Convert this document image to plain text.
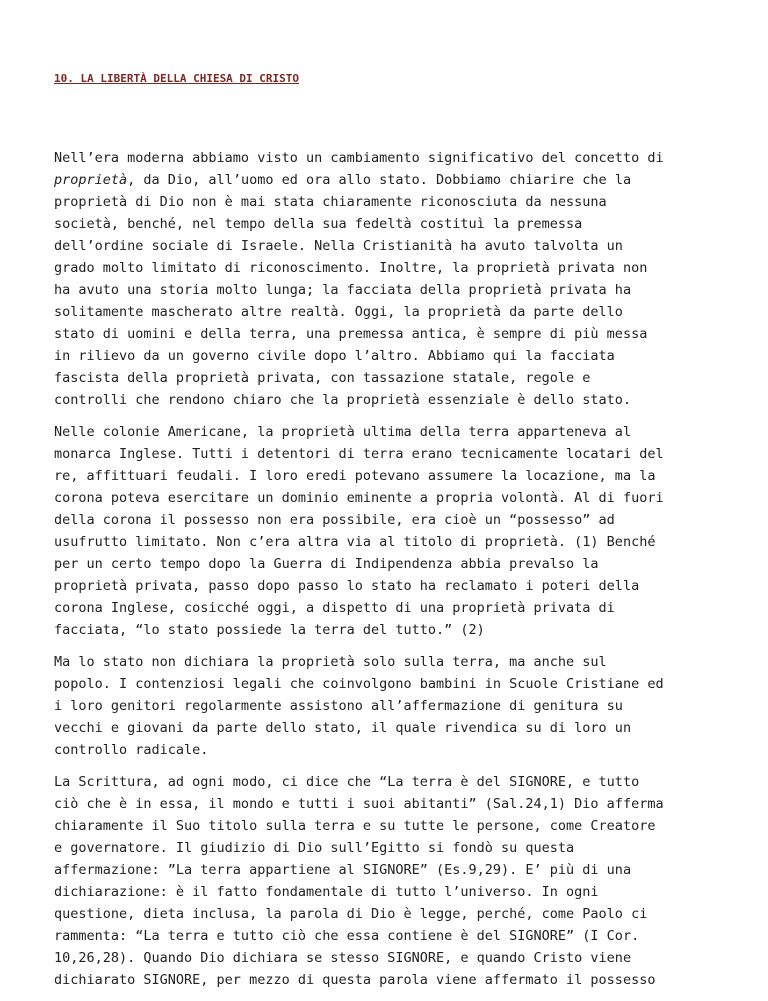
10. LA LIBERTÀ DELLA CHIESA DI CRISTO

Nell’era moderna abbiamo visto un cambiamento significativo del concetto di
proprietà, da Dio, all’uomo ed ora allo stato. Dobbiamo chiarire che la
proprietà di Dio non è mai stata chiaramente riconosciuta da nessuna
società, benché, nel tempo della sua fedeltà costituì la premessa
dell’ordine sociale di Israele. Nella Cristianità ha avuto talvolta un
grado molto limitato di riconoscimento. Inoltre, la proprietà privata non
ha avuto una storia molto lunga; la facciata della proprietà privata ha
solitamente mascherato altre realtà. Oggi, la proprietà da parte dello
stato di uomini e della terra, una premessa antica, è sempre di più messa
in rilievo da un governo civile dopo l’altro. Abbiamo qui la facciata
fascista della proprietà privata, con tassazione statale, regole e
controlli che rendono chiaro che la proprietà essenziale è dello stato.

Nelle colonie Americane, la proprietà ultima della terra apparteneva al
monarca Inglese. Tutti i detentori di terra erano tecnicamente locatari del
re, affittuari feudali. I loro eredi potevano assumere la locazione, ma la
corona poteva esercitare un dominio eminente a propria volontà. Al di fuori
della corona il possesso non era possibile, era cioè un “possesso” ad
usufrutto limitato. Non c’era altra via al titolo di proprietà. (1) Benché
per un certo tempo dopo la Guerra di Indipendenza abbia prevalso la
proprietà privata, passo dopo passo lo stato ha reclamato i poteri della
corona Inglese, cosicché oggi, a dispetto di una proprietà privata di
facciata, “lo stato possiede la terra del tutto.” (2)

Ma lo stato non dichiara la proprietà solo sulla terra, ma anche sul
popolo. I contenziosi legali che coinvolgono bambini in Scuole Cristiane ed
i loro genitori regolarmente assistono all’affermazione di genitura su
vecchi e giovani da parte dello stato, il quale rivendica su di loro un
controllo radicale.

La Scrittura, ad ogni modo, ci dice che “La terra è del SIGNORE, e tutto
ciò che è in essa, il mondo e tutti i suoi abitanti” (Sal.24,1) Dio afferma
chiaramente il Suo titolo sulla terra e su tutte le persone, come Creatore
e governatore. Il giudizio di Dio sull’Egitto si fondò su questa
affermazione: ”La terra appartiene al SIGNORE” (Es.9,29). E’ più di una
dichiarazione: è il fatto fondamentale di tutto l’universo. In ogni
questione, dieta inclusa, la parola di Dio è legge, perché, come Paolo ci
rammenta: “La terra e tutto ciò che essa contiene è del SIGNORE” (I Cor.
10,26,28). Quando Dio dichiara se stesso SIGNORE, e quando Cristo viene
dichiarato SIGNORE, per mezzo di questa parola viene affermato il possesso
